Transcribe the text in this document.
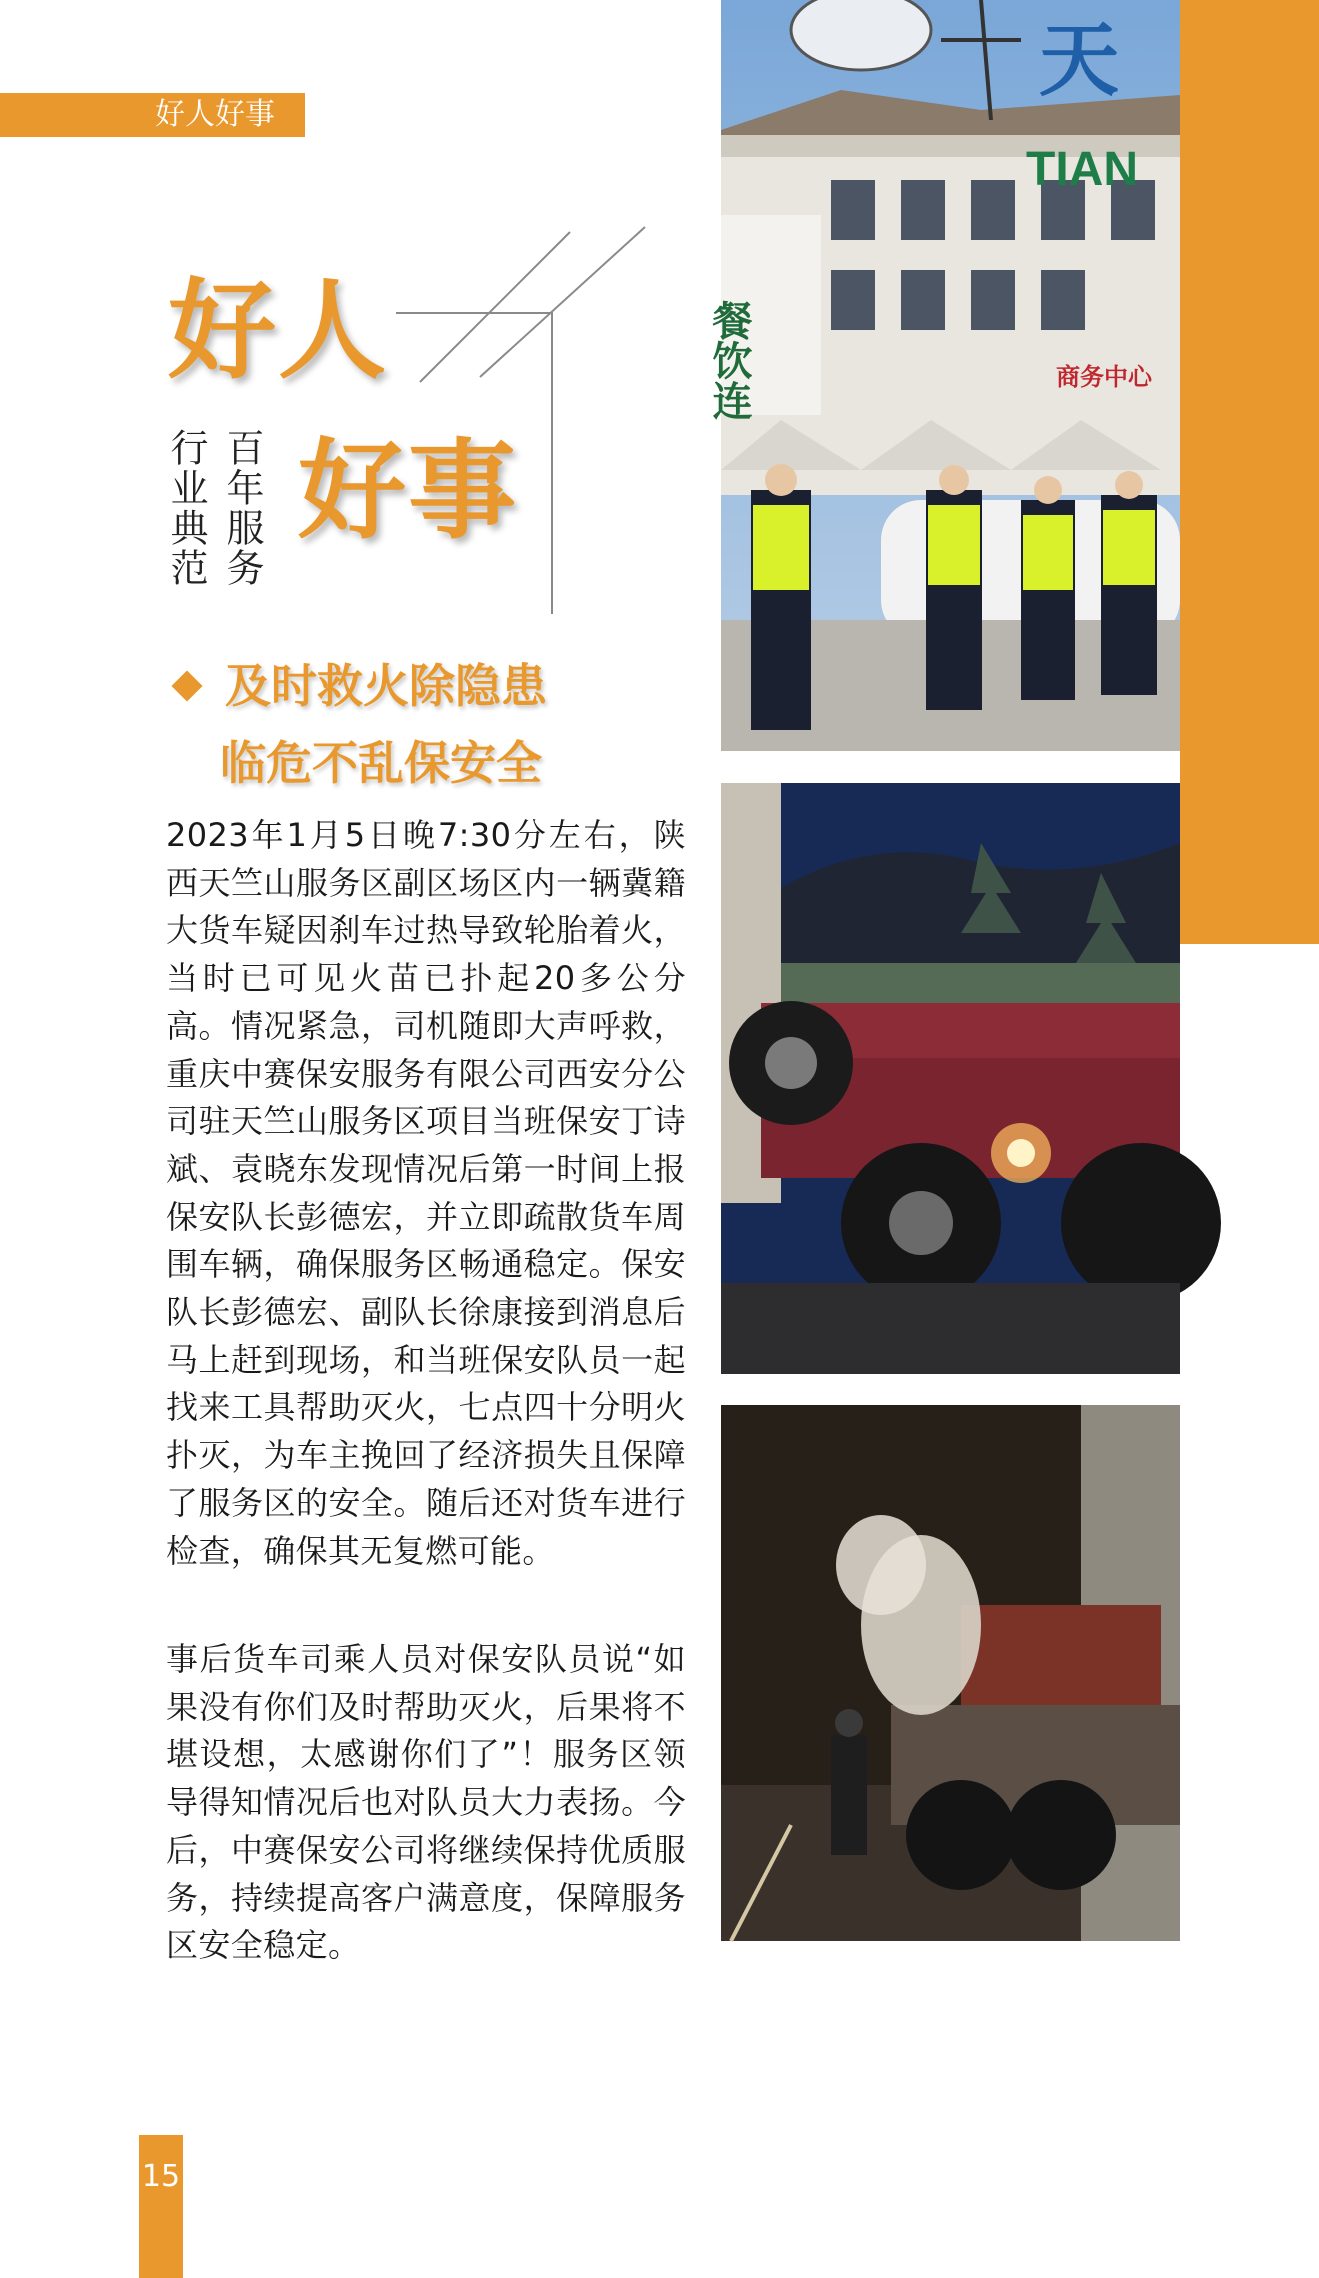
好人好事
好人
好事
百年服务
行业典范
及时救火除隐患
临危不乱保安全

2023年1月5日晚7:30分左右，陕西天竺山服务区副区场区内一辆冀籍大货车疑因刹车过热导致轮胎着火，当时已可见火苗已扑起20多公分高。情况紧急，司机随即大声呼救，重庆中赛保安服务有限公司西安分公司驻天竺山服务区项目当班保安丁诗斌、袁晓东发现情况后第一时间上报保安队长彭德宏，并立即疏散货车周围车辆，确保服务区畅通稳定。保安队长彭德宏、副队长徐康接到消息后马上赶到现场，和当班保安队员一起找来工具帮助灭火，七点四十分明火扑灭，为车主挽回了经济损失且保障了服务区的安全。随后还对货车进行检查，确保其无复燃可能。

事后货车司乘人员对保安队员说“如果没有你们及时帮助灭火，后果将不堪设想，太感谢你们了”！服务区领导得知情况后也对队员大力表扬。今后，中赛保安公司将继续保持优质服务，持续提高客户满意度，保障服务区安全稳定。

餐饮连	商务中心
天
TIAN
15
